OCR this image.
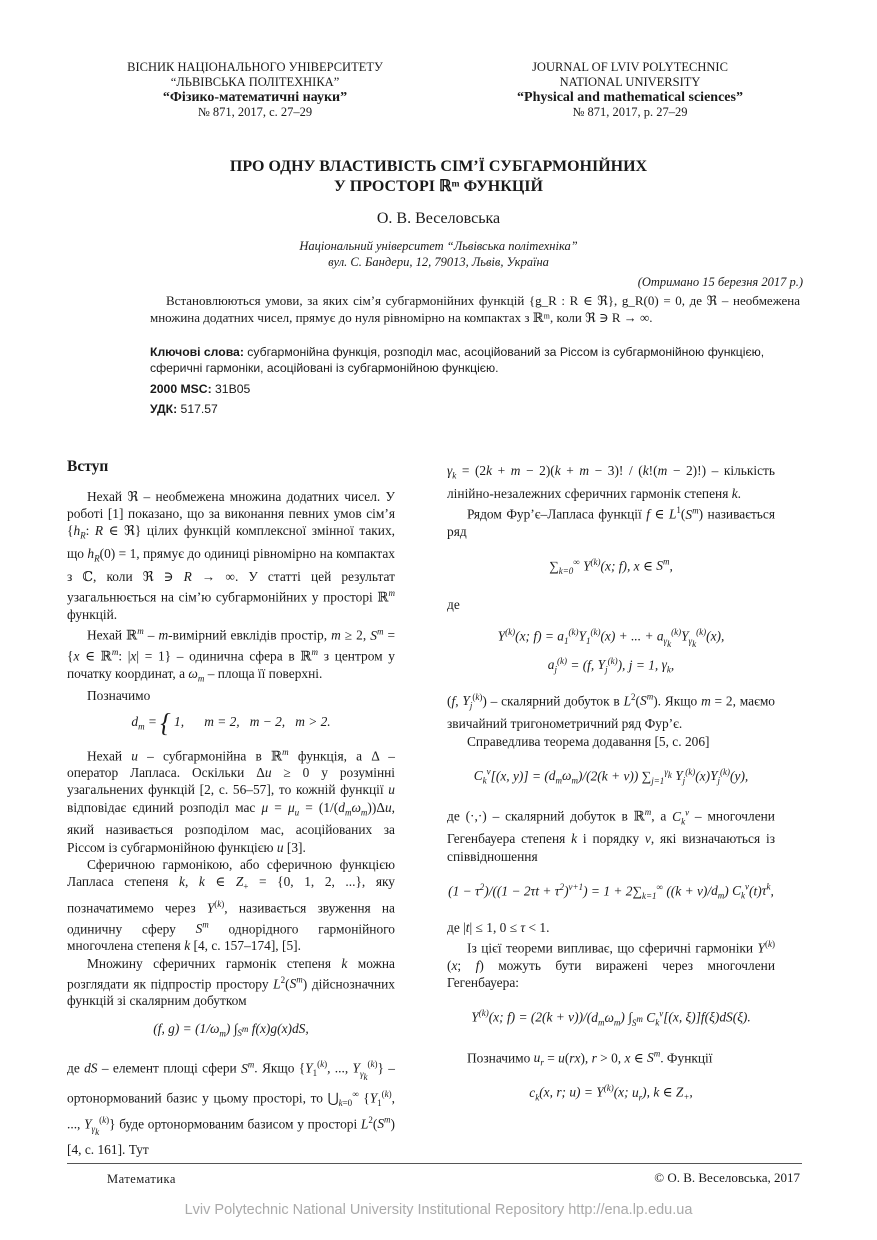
ВІСНИК НАЦІОНАЛЬНОГО УНІВЕРСИТЕТУ
“ЛЬВІВСЬКА ПОЛІТЕХНІКА”
“Фізико-математичні науки”
№ 871, 2017, с. 27–29
JOURNAL OF LVIV POLYTECHNIC
NATIONAL UNIVERSITY
“Physical and mathematical sciences”
№ 871, 2017, p. 27–29
ПРО ОДНУ ВЛАСТИВІСТЬ СІМ’Ї СУБГАРМОНІЙНИХ
У ПРОСТОРІ ℝᵐ ФУНКЦІЙ
О. В. Веселовська
Національний університет “Львівська політехніка”
вул. С. Бандери, 12, 79013, Львів, Україна
(Отримано 15 березня 2017 р.)
Встановлюються умови, за яких сім’я субгармонійних функцій {g_R : R ∈ ℜ}, g_R(0) = 0, де ℜ – необмежена множина додатних чисел, прямує до нуля рівномірно на компактах з ℝᵐ, коли ℜ ∋ R → ∞.
Ключові слова: субгармонійна функція, розподіл мас, асоційований за Ріссом із субгармонійною функцією, сферичні гармоніки, асоційовані із субгармонійною функцією.
2000 MSC: 31B05
УДК: 517.57
Вступ

Нехай ℜ – необмежена множина додатних чисел. У роботі [1] показано, що за виконання певних умов сім’я {$h_R$: R ∈ ℜ} цілих функцій комплексної змінної таких, що $h_R(0) = 1$, прямує до одиниці рівномірно на компактах з ℂ, коли ℜ ∋ R → ∞. У статті цей результат узагальнюється на сім’ю субгармонійних у просторі ℝ$^m$ функцій.

Нехай ℝ$^m$ – m-вимірний евклідів простір, m ≥ 2, $S^m = \{x$ ∈ ℝ$^m$: |x| = 1} – одинична сфера в ℝ$^m$ з центром у початку координат, а $\omega_m$ – площа її поверхні.

Позначимо

$d_m$ = { 1,      m = 2,   m − 2,   m > 2.

Нехай u – субгармонійна в ℝ$^m$ функція, а Δ – оператор Лапласа. Оскільки Δu ≥ 0 у розумінні узагальнених функцій [2, с. 56–57], то кожній функції u відповідає єдиний розподіл мас $\mu = \mu_u = (1/(d_m\omega_m))\Delta u$, який називається розподілом мас, асоційованих за Ріссом із субгармонійною функцією u [3].

Сферичною гармонікою, або сферичною функцією Лапласа степеня k, k ∈ $Z_+ = \{0$, 1, 2, ...}, яку позначатимемо через $Y^{(k)}$, називається звуження на одиничну сферу $S^m$ однорідного гармонійного многочлена степеня k [4, с. 157–174], [5].

Множину сферичних гармонік степеня k можна розглядати як підпростір простору $L^2(S^m)$ дійснозначних функцій зі скалярним добутком

(f, $g) = (1/\omega_m)$ $\int_{S^m}$ f(x)g(x)dS,

де dS – елемент площі сфери $S^m$. Якщо {$Y_1^{(k)}$, ..., $Y_{\gamma_k}^{(k)}$} – ортонормований базис у цьому просторі, то $⋃_{k=0}^\infty$ {$Y_1^{(k)}$, ..., $Y_{\gamma_k}^{(k)}$} буде ортонормованим базисом у просторі $L^2(S^m)$ [4, с. 161]. Тут

$\gamma_k = (2k + m - 2)(k + m - 3)$! / (k!(m − 2)!) – кількість лінійно-незалежних сферичних гармонік степеня k.

Рядом Фур’є–Лапласа функції f ∈ $L^1(S^m)$ називається ряд

$\sum_{k=0}^\infty$ $Y^{(k)}(x$; f), x ∈ $S^m$,

де

$Y^{(k)}(x$; $f) = a_1^{(k)}Y_1^{(k)}(x)$ + ... + $a_{\gamma_k}^{(k)}Y_{\gamma_k}^{(k)}(x)$,
$a_j^{(k)} = (f$, $Y_j^{(k)}$), j = 1, $\gamma_k$,

(f, $Y_j^{(k)}$) – скалярний добуток в $L^2(S^m)$. Якщо m = 2, маємо звичайний тригонометричний ряд Фур’є.

Справедлива теорема додавання [5, с. 206]

$C_k^\nu[(x$, $y)] = (d_m\omega_m)/(2(k + \nu))$ $\sum_{j=1}^{\gamma_k}$ $Y_j^{(k)}(x)Y_j^{(k)}(y)$,

де (·,·) – скалярний добуток в ℝ$^m$, а $C_k^\nu$ – многочлени Гегенбауера степеня k і порядку ν, які визначаються із співвідношення

$(1 - \tau^2)/((1 - 2\tau t + \tau^2)^{\nu+1}) = 1 + 2\sum_{k=1}^\infty$ $((k + \nu)/d_m)$ $C_k^\nu(t)\tau^k$,

де |t| ≤ 1, 0 ≤ τ < 1.

Із цієї теореми випливає, що сферичні гармоніки $Y^{(k)}(x$; f) можуть бути виражені через многочлени Гегенбауера:

$Y^{(k)}(x$; $f) = (2(k + \nu))/(d_m\omega_m)$ $\int_{S^m}$ $C_k^\nu[(x$, ξ)]f(ξ)dS(ξ).

Позначимо $u_r = u(rx)$, r > 0, x ∈ $S^m$. Функції

$c_k(x$, r; $u) = Y^{(k)}(x$; $u_r$), k ∈ $Z_+$,
Математика	© О. В. Веселовська, 2017
Lviv Polytechnic National University Institutional Repository http://ena.lp.edu.ua
